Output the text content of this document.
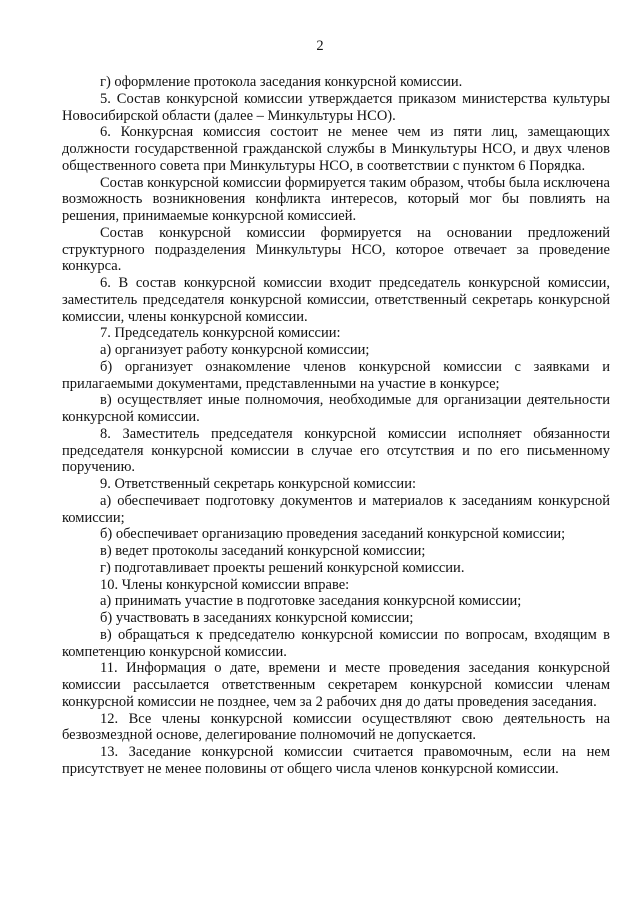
2

г) оформление протокола заседания конкурсной комиссии.

5. Состав конкурсной комиссии утверждается приказом министерства культуры Новосибирской области (далее – Минкультуры НСО).

6. Конкурсная комиссия состоит не менее чем из пяти лиц, замещающих должности государственной гражданской службы в Минкультуры НСО, и двух членов общественного совета при Минкультуры НСО, в соответствии с пунктом 6 Порядка.

Состав конкурсной комиссии формируется таким образом, чтобы была исключена возможность возникновения конфликта интересов, который мог бы повлиять на решения, принимаемые конкурсной комиссией.

Состав конкурсной комиссии формируется на основании предложений структурного подразделения Минкультуры НСО, которое отвечает за проведение конкурса.

6. В состав конкурсной комиссии входит председатель конкурсной комиссии, заместитель председателя конкурсной комиссии, ответственный секретарь конкурсной комиссии, члены конкурсной комиссии.

7. Председатель конкурсной комиссии:

а) организует работу конкурсной комиссии;

б) организует ознакомление членов конкурсной комиссии с заявками и прилагаемыми документами, представленными на участие в конкурсе;

в) осуществляет иные полномочия, необходимые для организации деятельности конкурсной комиссии.

8. Заместитель председателя конкурсной комиссии исполняет обязанности председателя конкурсной комиссии в случае его отсутствия и по его письменному поручению.

9. Ответственный секретарь конкурсной комиссии:

а) обеспечивает подготовку документов и материалов к заседаниям конкурсной комиссии;

б) обеспечивает организацию проведения заседаний конкурсной комиссии;

в) ведет протоколы заседаний конкурсной комиссии;

г) подготавливает проекты решений конкурсной комиссии.

10. Члены конкурсной комиссии вправе:

а) принимать участие в подготовке заседания конкурсной комиссии;

б) участвовать в заседаниях конкурсной комиссии;

в) обращаться к председателю конкурсной комиссии по вопросам, входящим в компетенцию конкурсной комиссии.

11. Информация о дате, времени и месте проведения заседания конкурсной комиссии рассылается ответственным секретарем конкурсной комиссии членам конкурсной комиссии не позднее, чем за 2 рабочих дня до даты проведения заседания.

12. Все члены конкурсной комиссии осуществляют свою деятельность на безвозмездной основе, делегирование полномочий не допускается.

13. Заседание конкурсной комиссии считается правомочным, если на нем присутствует не менее половины от общего числа членов конкурсной комиссии.
